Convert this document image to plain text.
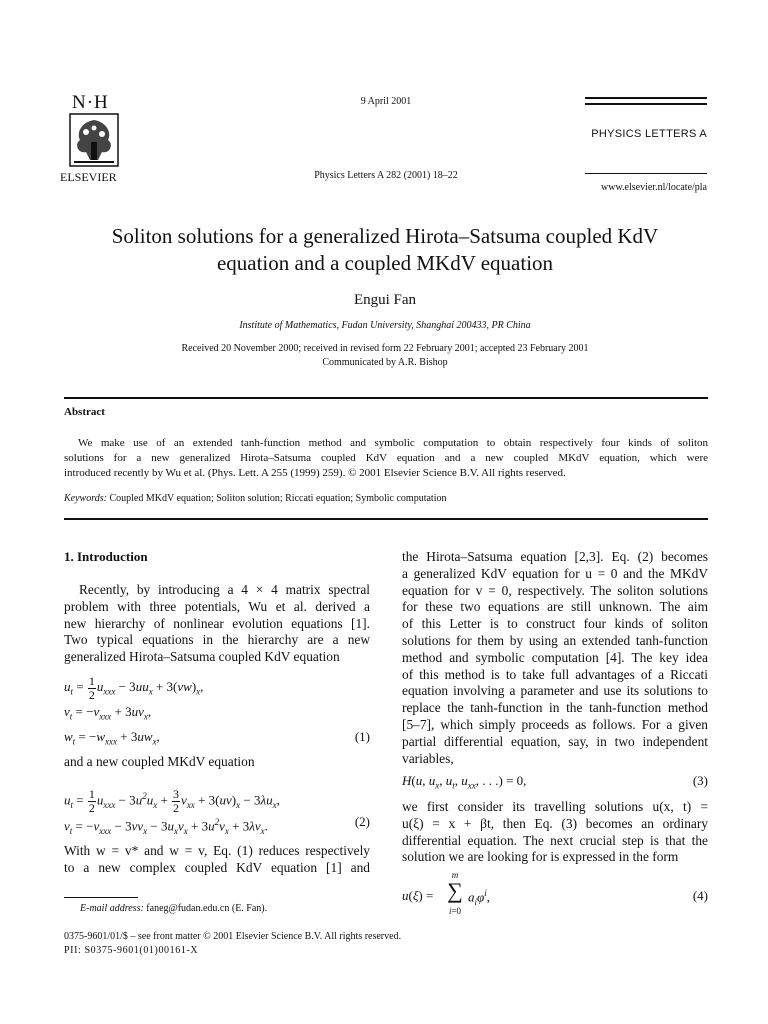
N·H
ELSEVIER
9 April 2001
Physics Letters A 282 (2001) 18–22
PHYSICS LETTERS A
www.elsevier.nl/locate/pla
Soliton solutions for a generalized Hirota–Satsuma coupled KdV
equation and a coupled MKdV equation
Engui Fan
Institute of Mathematics, Fudan University, Shanghai 200433, PR China
Received 20 November 2000; received in revised form 22 February 2001; accepted 23 February 2001
Communicated by A.R. Bishop
Abstract
We make use of an extended tanh-function method and symbolic computation to obtain respectively four kinds of soliton
solutions for a new generalized Hirota–Satsuma coupled KdV equation and a new coupled MKdV equation, which were
introduced recently by Wu et al. (Phys. Lett. A 255 (1999) 259). © 2001 Elsevier Science B.V. All rights reserved.
Keywords: Coupled MKdV equation; Soliton solution; Riccati equation; Symbolic computation
1. Introduction
Recently, by introducing a 4 × 4 matrix spectral
problem with three potentials, Wu et al. derived a
new hierarchy of nonlinear evolution equations [1].
Two typical equations in the hierarchy are a new
generalized Hirota–Satsuma coupled KdV equation
$u_t = \frac{1}{2} u_{xxx} - 3uu_x + 3(vw)_x$,
$v_t = -v_{xxx} + 3uv_x$,
$w_t = -w_{xxx} + 3uw_x$,	(1)
and a new coupled MKdV equation
$u_t = \frac{1}{2} u_{xxx} - 3u^2u_x + \frac{3}{2} v_{xx} + 3(uv)_x - 3\lambda u_x$,
$v_t = -v_{xxx} - 3vv_x - 3u_xv_x + 3u^2v_x + 3\lambda v_x$.	(2)
With w = v* and w = v, Eq. (1) reduces respectively
to a new complex coupled KdV equation [1] and
E-mail address: faneg@fudan.edu.cn (E. Fan).
the Hirota–Satsuma equation [2,3]. Eq. (2) becomes
a generalized KdV equation for u = 0 and the MKdV
equation for v = 0, respectively. The soliton solutions
for these two equations are still unknown. The aim
of this Letter is to construct four kinds of soliton
solutions for them by using an extended tanh-function
method and symbolic computation [4]. The key idea
of this method is to take full advantages of a Riccati
equation involving a parameter and use its solutions to
replace the tanh-function in the tanh-function method
[5–7], which simply proceeds as follows. For a given
partial differential equation, say, in two independent
variables,
H(u, $u_x$, $u_t$, $u_{xx}$, . . .) = 0,	(3)
we first consider its travelling solutions u(x, t) =
u(ξ) = x + βt, then Eq. (3) becomes an ordinary
differential equation. The next crucial step is that the
solution we are looking for is expressed in the form
u(ξ) =
m
∑
i=0
$a_i\varphi^i$,	(4)
0375-9601/01/$ – see front matter © 2001 Elsevier Science B.V. All rights reserved.
PII: S0375-9601(01)00161-X
